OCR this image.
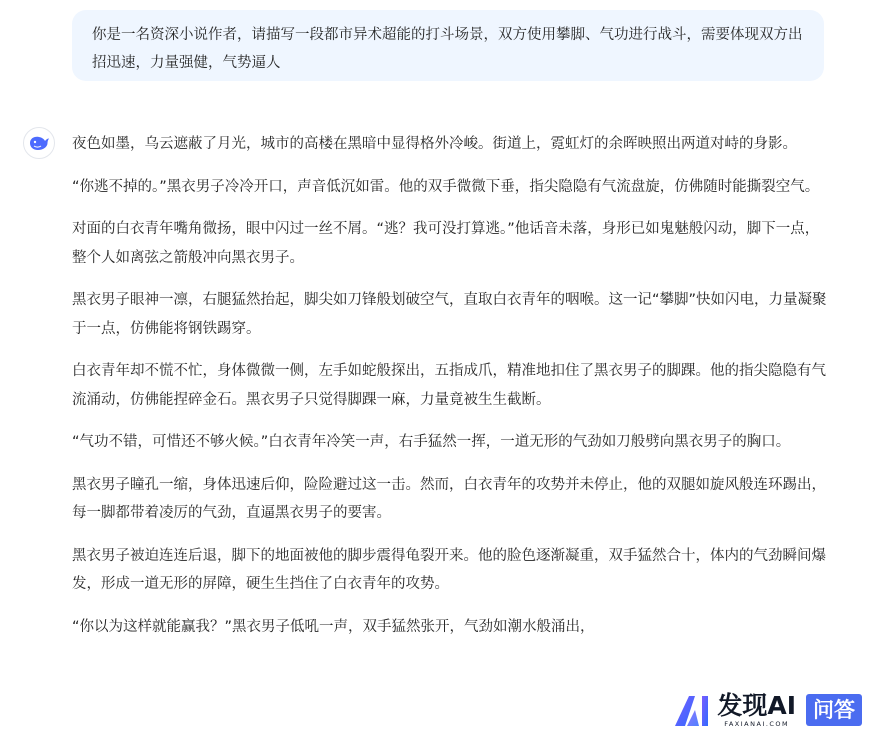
你是一名资深小说作者，请描写一段都市异术超能的打斗场景，双方使用攀脚、气功进行战斗，需要体现双方出招迅速，力量强健，气势逼人

夜色如墨，乌云遮蔽了月光，城市的高楼在黑暗中显得格外冷峻。街道上，霓虹灯的余晖映照出两道对峙的身影。

“你逃不掉的。”黑衣男子冷冷开口，声音低沉如雷。他的双手微微下垂，指尖隐隐有气流盘旋，仿佛随时能撕裂空气。

对面的白衣青年嘴角微扬，眼中闪过一丝不屑。“逃？我可没打算逃。”他话音未落，身形已如鬼魅般闪动，脚下一点，整个人如离弦之箭般冲向黑衣男子。

黑衣男子眼神一凛，右腿猛然抬起，脚尖如刀锋般划破空气，直取白衣青年的咽喉。这一记“攀脚”快如闪电，力量凝聚于一点，仿佛能将钢铁踢穿。

白衣青年却不慌不忙，身体微微一侧，左手如蛇般探出，五指成爪，精准地扣住了黑衣男子的脚踝。他的指尖隐隐有气流涌动，仿佛能捏碎金石。黑衣男子只觉得脚踝一麻，力量竟被生生截断。

“气功不错，可惜还不够火候。”白衣青年冷笑一声，右手猛然一挥，一道无形的气劲如刀般劈向黑衣男子的胸口。

黑衣男子瞳孔一缩，身体迅速后仰，险险避过这一击。然而，白衣青年的攻势并未停止，他的双腿如旋风般连环踢出，每一脚都带着凌厉的气劲，直逼黑衣男子的要害。

黑衣男子被迫连连后退，脚下的地面被他的脚步震得龟裂开来。他的脸色逐渐凝重，双手猛然合十，体内的气劲瞬间爆发，形成一道无形的屏障，硬生生挡住了白衣青年的攻势。

“你以为这样就能赢我？”黑衣男子低吼一声，双手猛然张开，气劲如潮水般涌出，

发现AI
FAXIANAI.COM
问答
